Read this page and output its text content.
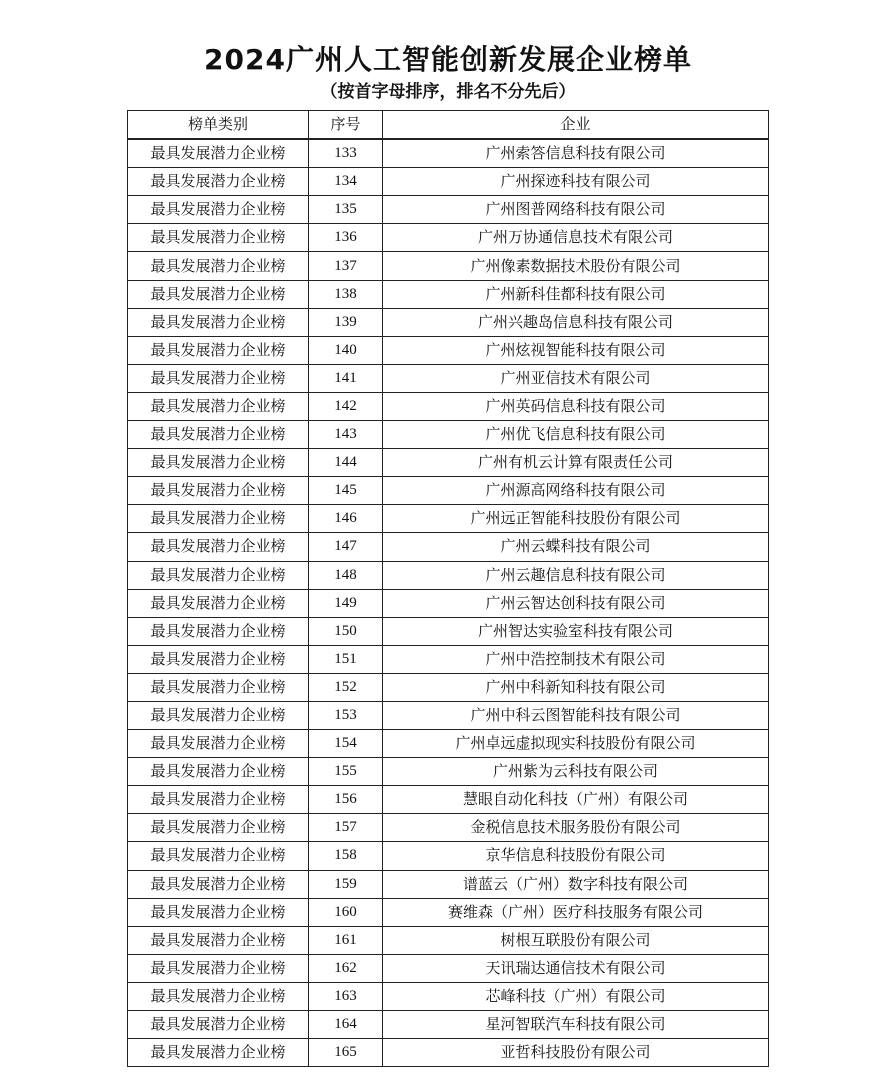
2024广州人工智能创新发展企业榜单
（按首字母排序，排名不分先后）
榜单类别	序号	企业
最具发展潜力企业榜	133	广州索答信息科技有限公司
最具发展潜力企业榜	134	广州探迹科技有限公司
最具发展潜力企业榜	135	广州图普网络科技有限公司
最具发展潜力企业榜	136	广州万协通信息技术有限公司
最具发展潜力企业榜	137	广州像素数据技术股份有限公司
最具发展潜力企业榜	138	广州新科佳都科技有限公司
最具发展潜力企业榜	139	广州兴趣岛信息科技有限公司
最具发展潜力企业榜	140	广州炫视智能科技有限公司
最具发展潜力企业榜	141	广州亚信技术有限公司
最具发展潜力企业榜	142	广州英码信息科技有限公司
最具发展潜力企业榜	143	广州优飞信息科技有限公司
最具发展潜力企业榜	144	广州有机云计算有限责任公司
最具发展潜力企业榜	145	广州源高网络科技有限公司
最具发展潜力企业榜	146	广州远正智能科技股份有限公司
最具发展潜力企业榜	147	广州云蝶科技有限公司
最具发展潜力企业榜	148	广州云趣信息科技有限公司
最具发展潜力企业榜	149	广州云智达创科技有限公司
最具发展潜力企业榜	150	广州智达实验室科技有限公司
最具发展潜力企业榜	151	广州中浩控制技术有限公司
最具发展潜力企业榜	152	广州中科新知科技有限公司
最具发展潜力企业榜	153	广州中科云图智能科技有限公司
最具发展潜力企业榜	154	广州卓远虚拟现实科技股份有限公司
最具发展潜力企业榜	155	广州紫为云科技有限公司
最具发展潜力企业榜	156	慧眼自动化科技（广州）有限公司
最具发展潜力企业榜	157	金税信息技术服务股份有限公司
最具发展潜力企业榜	158	京华信息科技股份有限公司
最具发展潜力企业榜	159	谱蓝云（广州）数字科技有限公司
最具发展潜力企业榜	160	赛维森（广州）医疗科技服务有限公司
最具发展潜力企业榜	161	树根互联股份有限公司
最具发展潜力企业榜	162	天讯瑞达通信技术有限公司
最具发展潜力企业榜	163	芯峰科技（广州）有限公司
最具发展潜力企业榜	164	星河智联汽车科技有限公司
最具发展潜力企业榜	165	亚哲科技股份有限公司
